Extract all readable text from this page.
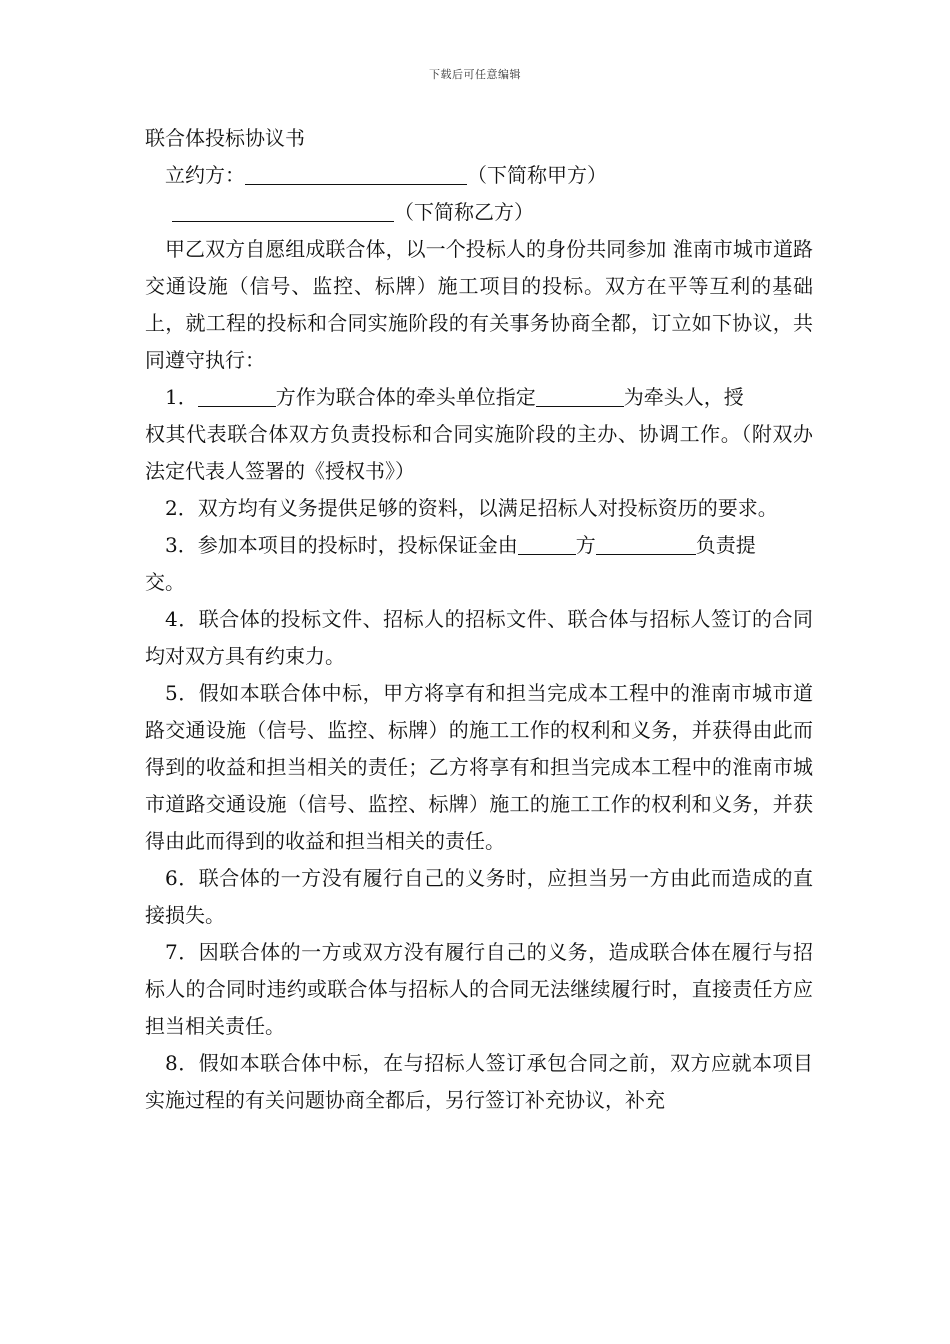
下载后可任意编辑
联合体投标协议书
立约方：	（下简称甲方）
（下简称乙方）
甲乙双方自愿组成联合体，以一个投标人的身份共同参加 淮南市城市道路交通设施（信号、监控、标牌）施工项目的投标。双方在平等互利的基础上，就工程的投标和合同实施阶段的有关事务协商全都，订立如下协议，共同遵守执行：
1．	方作为联合体的牵头单位指定	为牵头人，授
权其代表联合体双方负责投标和合同实施阶段的主办、协调工作。（附双办法定代表人签署的《授权书》）
2．双方均有义务提供足够的资料，以满足招标人对投标资历的要求。
3．参加本项目的投标时，投标保证金由	方	负责提
交。
4．联合体的投标文件、招标人的招标文件、联合体与招标人签订的合同均对双方具有约束力。
5．假如本联合体中标，甲方将享有和担当完成本工程中的淮南市城市道路交通设施（信号、监控、标牌）的施工工作的权利和义务，并获得由此而得到的收益和担当相关的责任；乙方将享有和担当完成本工程中的淮南市城市道路交通设施（信号、监控、标牌）施工的施工工作的权利和义务，并获得由此而得到的收益和担当相关的责任。
6．联合体的一方没有履行自己的义务时，应担当另一方由此而造成的直接损失。
7．因联合体的一方或双方没有履行自己的义务，造成联合体在履行与招标人的合同时违约或联合体与招标人的合同无法继续履行时，直接责任方应担当相关责任。
8．假如本联合体中标，在与招标人签订承包合同之前，双方应就本项目实施过程的有关问题协商全都后，另行签订补充协议，补充
